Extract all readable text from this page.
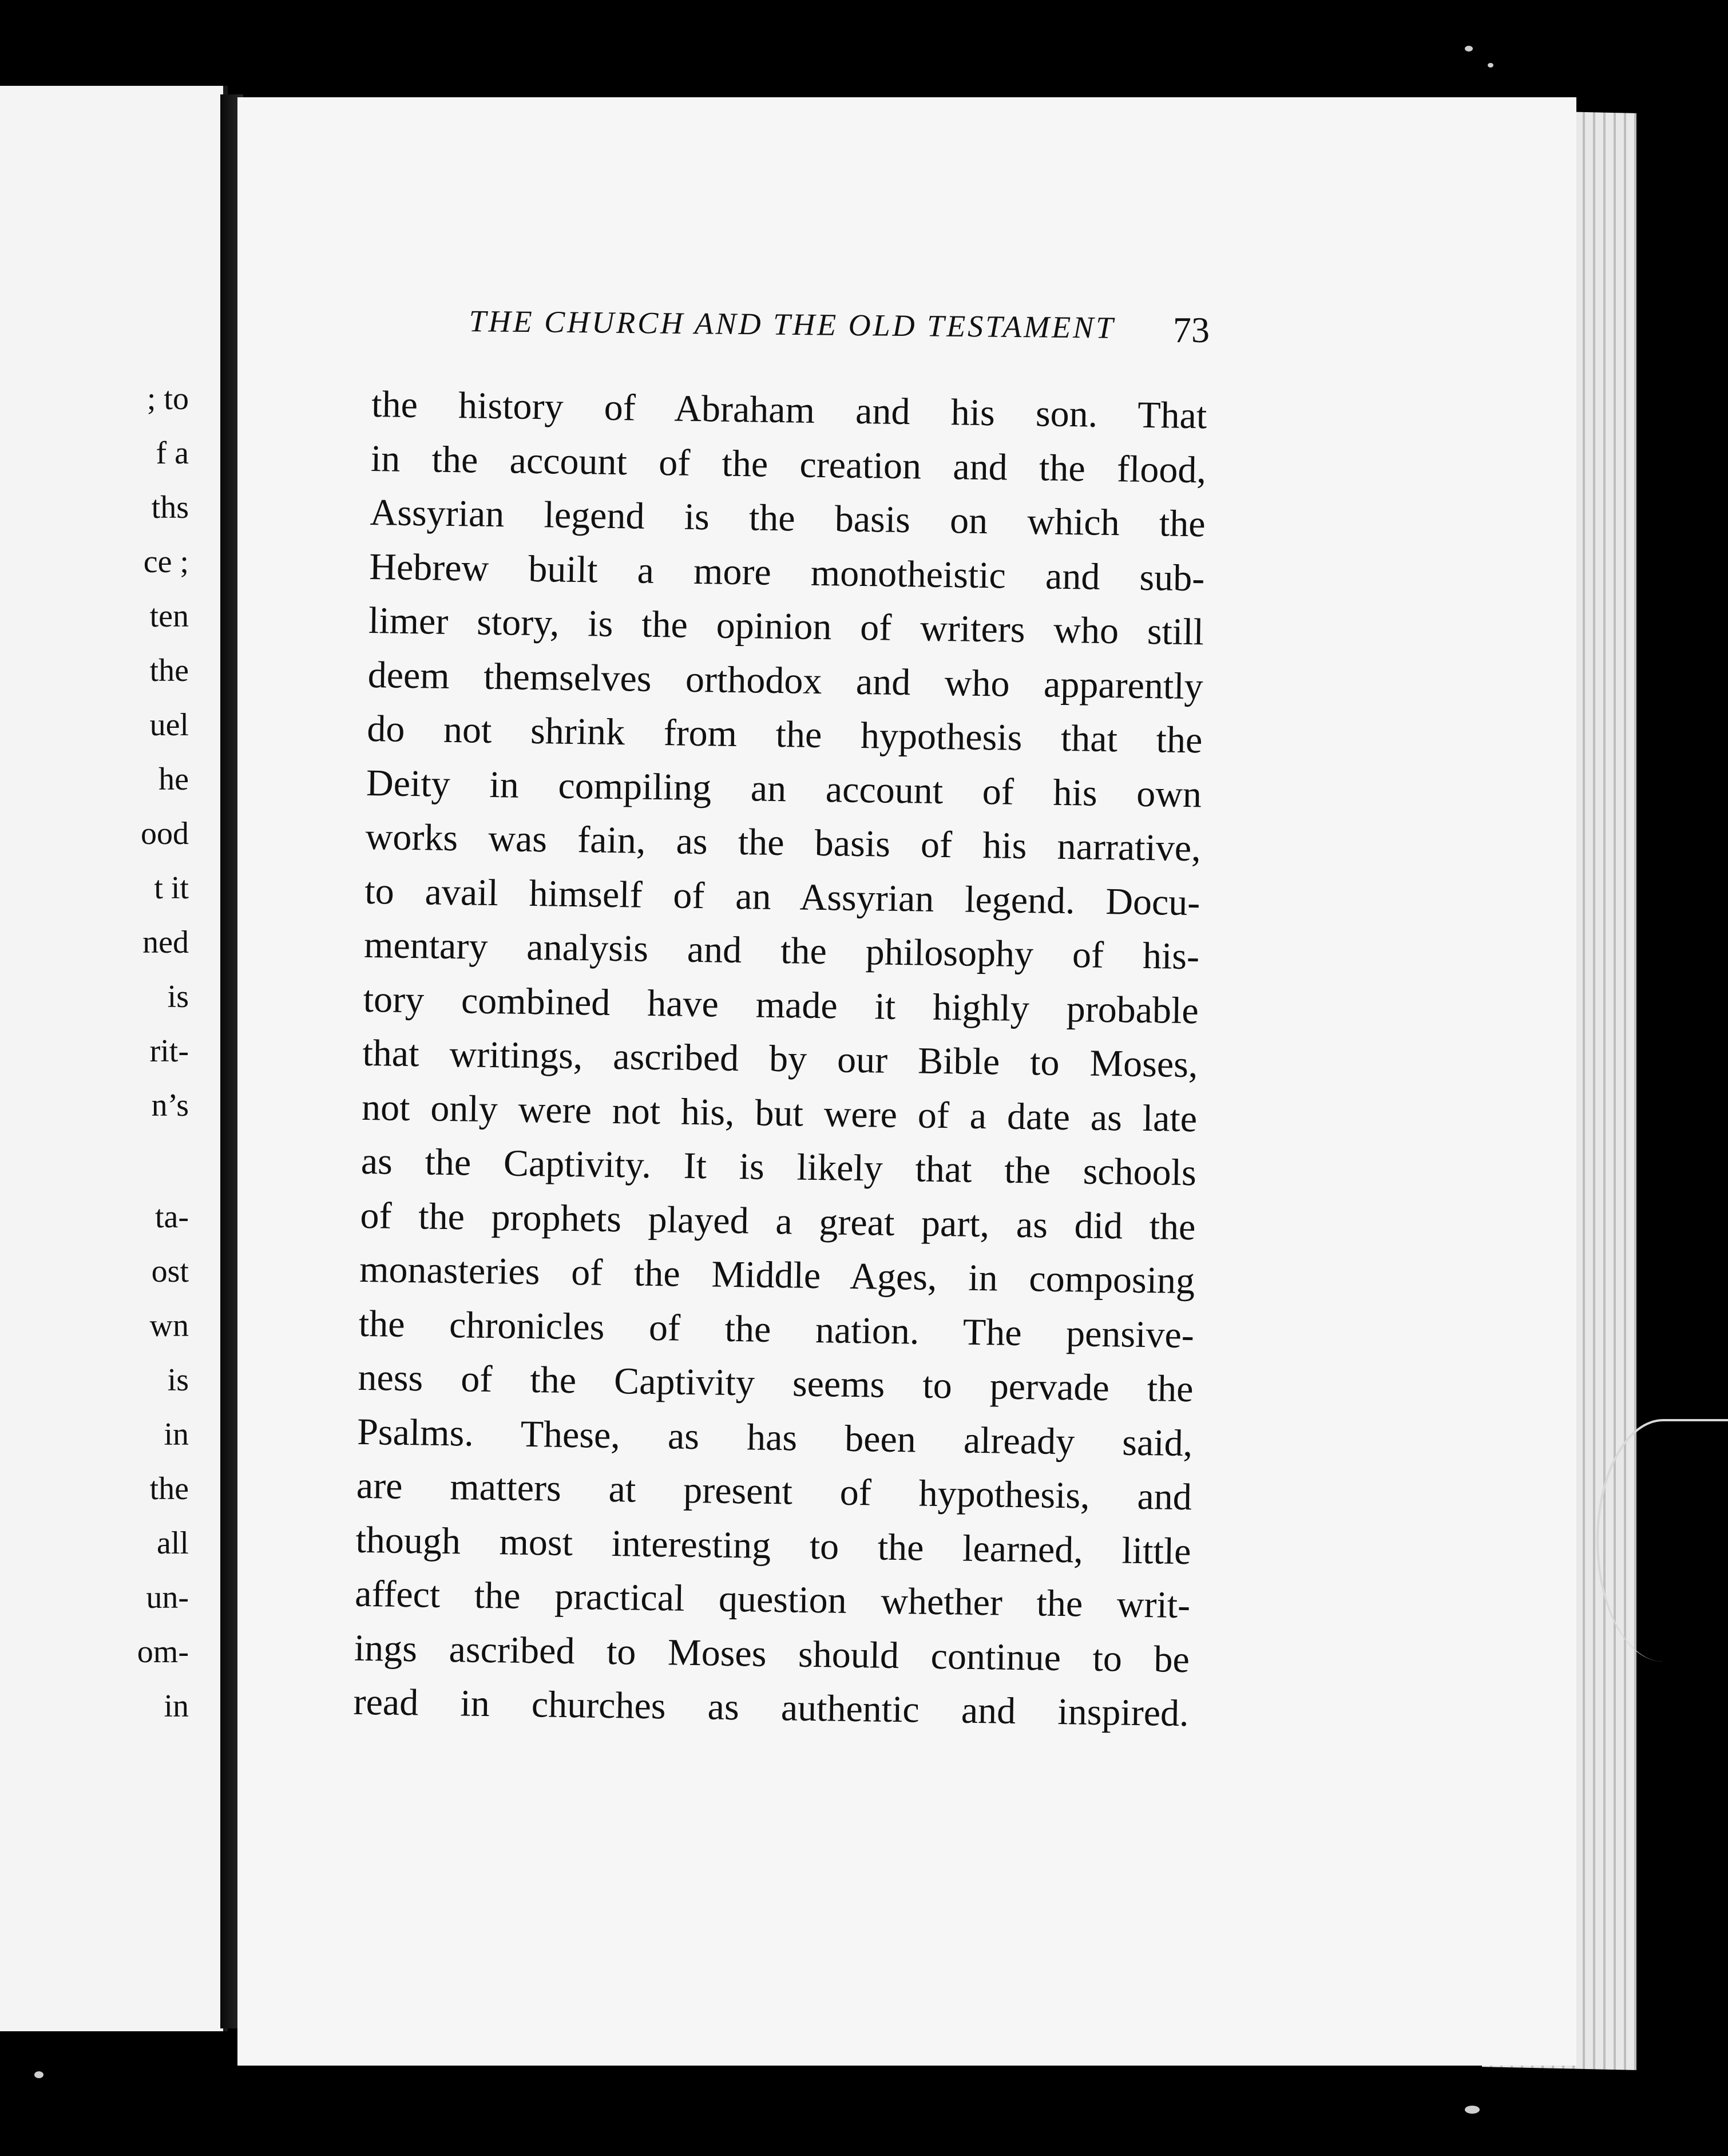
; to
f a
ths
ce ;
ten
the
uel
he
ood
t it
ned
is
rit-
n’s
ta-
ost
wn
is
in
the
all
un-
om-
in
THE CHURCH AND THE OLD TESTAMENT 73
the history of Abraham and his son. That
in the account of the creation and the flood,
Assyrian legend is the basis on which the
Hebrew built a more monotheistic and sub-
limer story, is the opinion of writers who still
deem themselves orthodox and who apparently
do not shrink from the hypothesis that the
Deity in compiling an account of his own
works was fain, as the basis of his narrative,
to avail himself of an Assyrian legend. Docu-
mentary analysis and the philosophy of his-
tory combined have made it highly probable
that writings, ascribed by our Bible to Moses,
not only were not his, but were of a date as late
as the Captivity. It is likely that the schools
of the prophets played a great part, as did the
monasteries of the Middle Ages, in composing
the chronicles of the nation. The pensive-
ness of the Captivity seems to pervade the
Psalms. These, as has been already said,
are matters at present of hypothesis, and
though most interesting to the learned, little
affect the practical question whether the writ-
ings ascribed to Moses should continue to be
read in churches as authentic and inspired.
